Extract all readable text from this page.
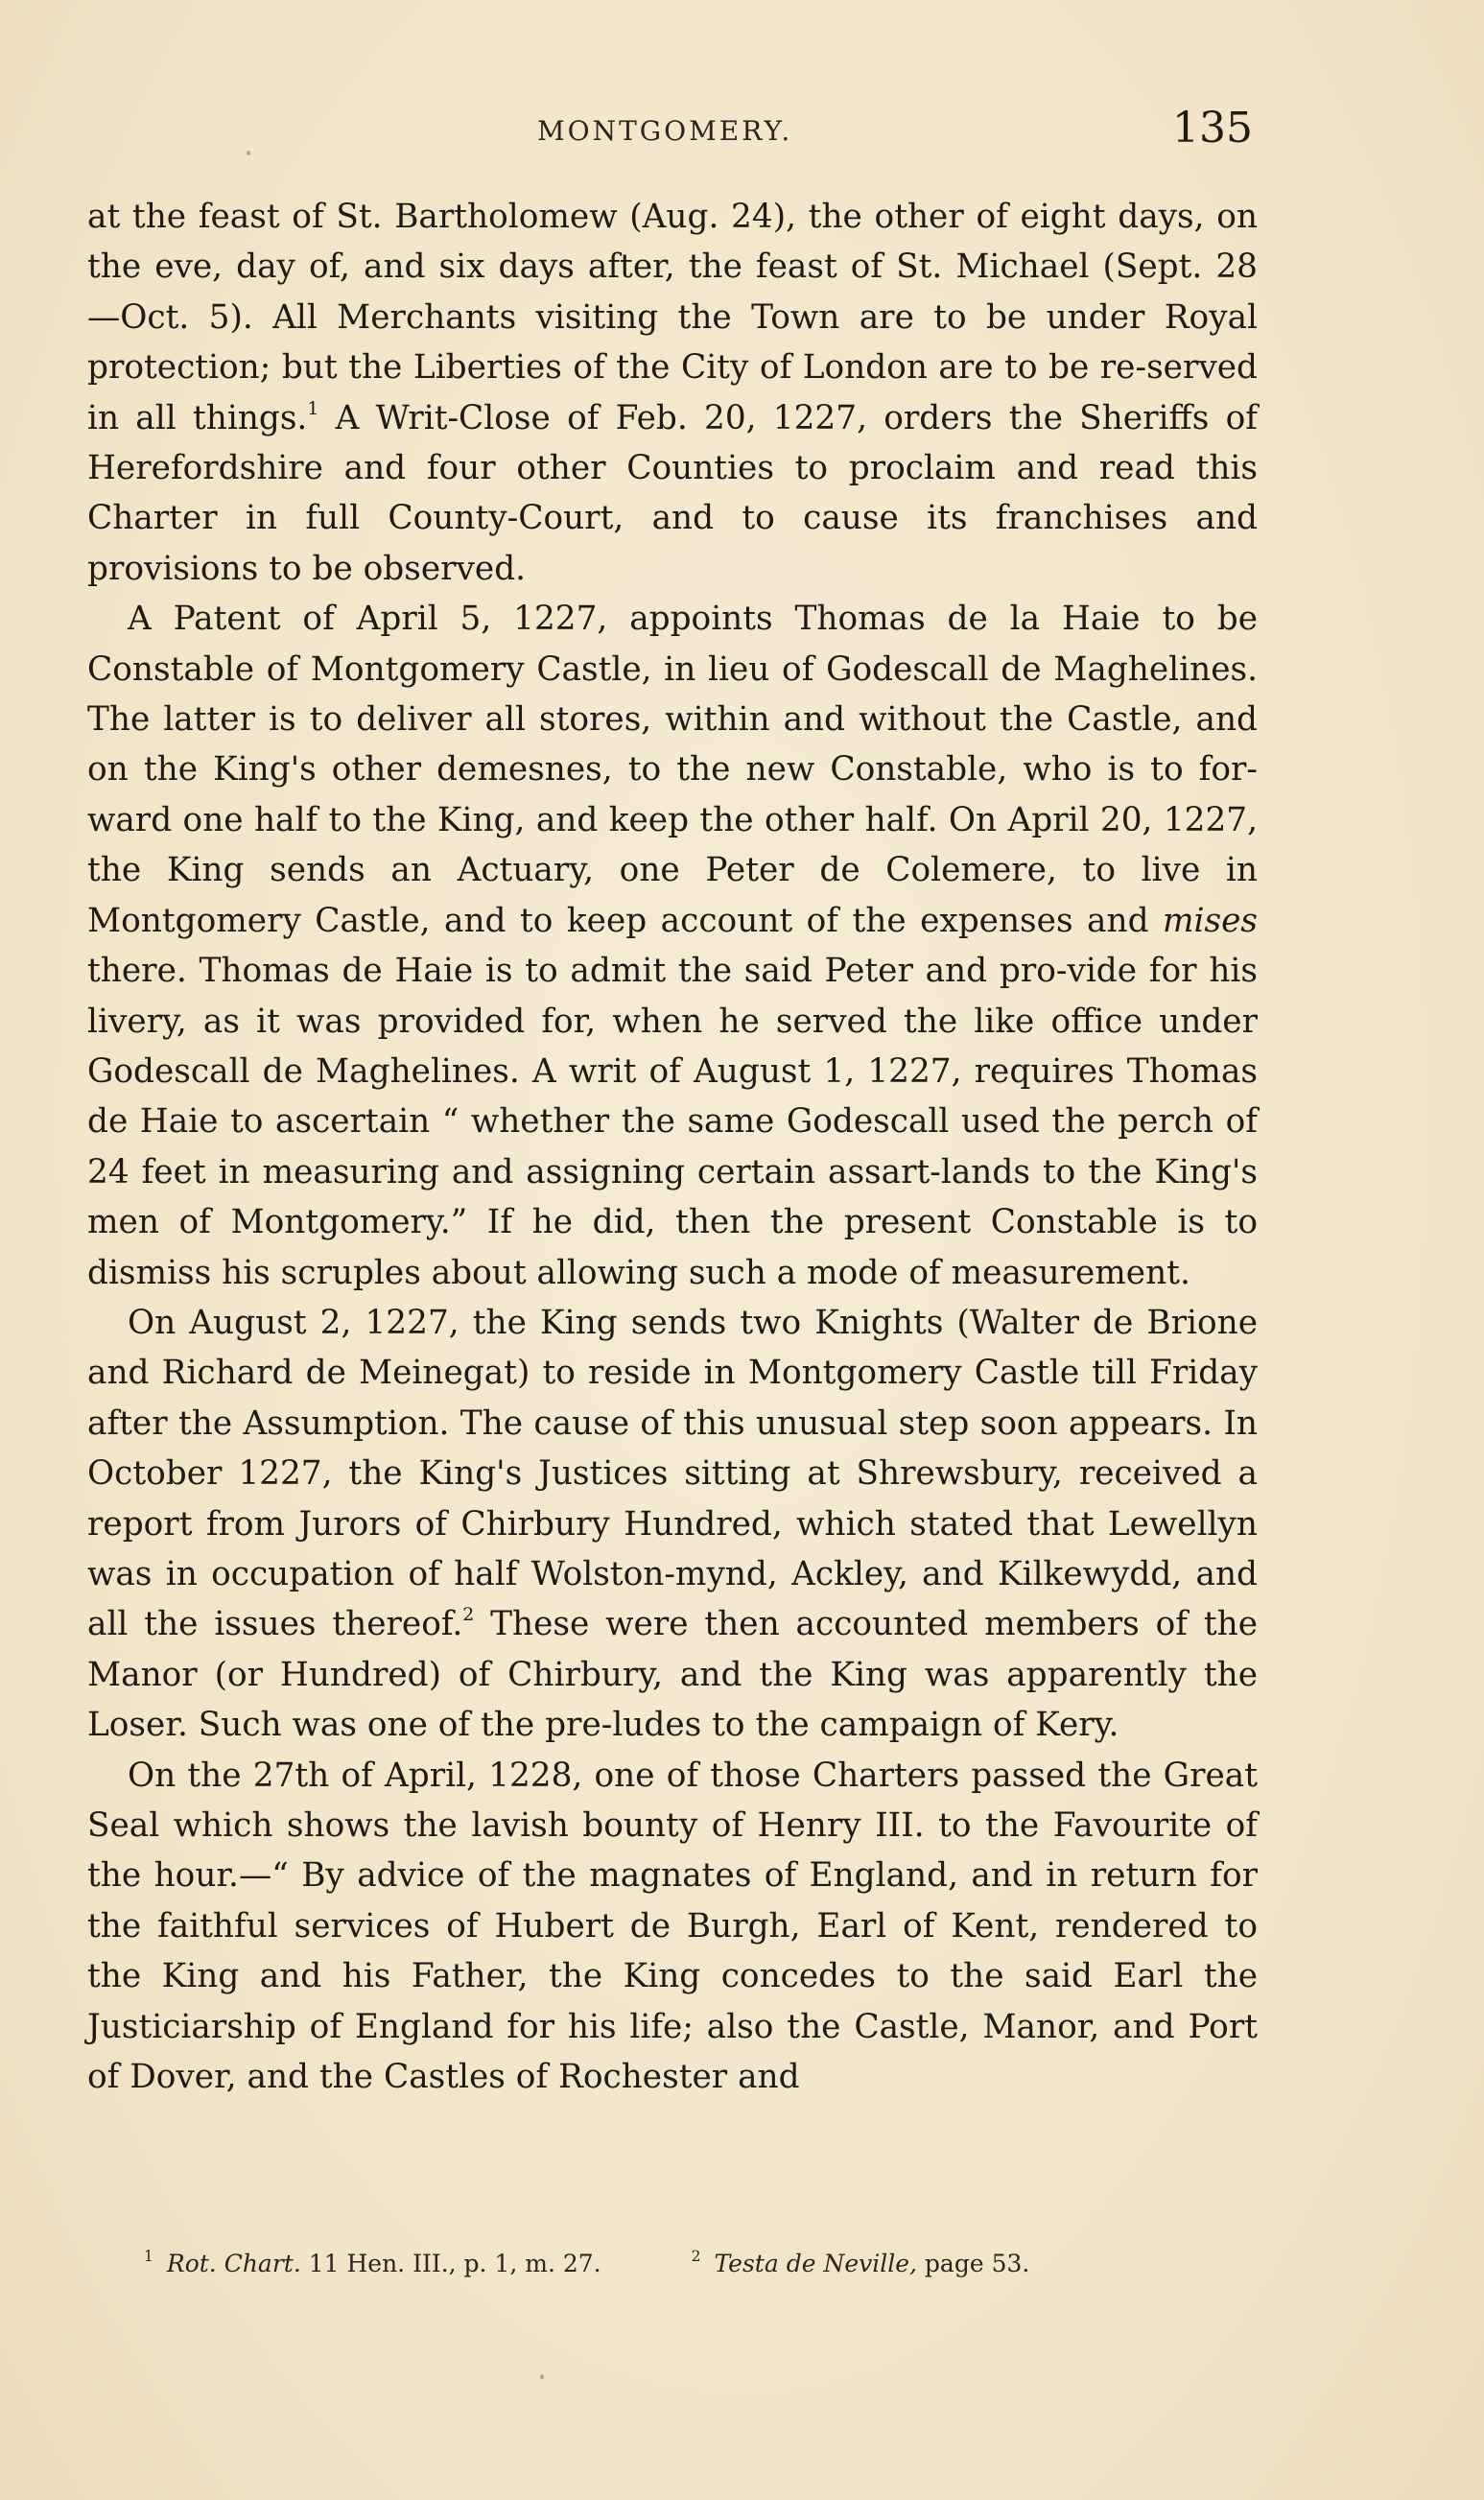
MONTGOMERY.	135

at the feast of St. Bartholomew (Aug. 24), the other of eight days, on the eve, day of, and six days after, the feast of St. Michael (Sept. 28 —Oct. 5). All Merchants visiting the Town are to be under Royal protection; but the Liberties of the City of London are to be re-served in all things.$^1$ A Writ-Close of Feb. 20, 1227, orders the Sheriffs of Herefordshire and four other Counties to proclaim and read this Charter in full County-Court, and to cause its franchises and provisions to be observed.

A Patent of April 5, 1227, appoints Thomas de la Haie to be Constable of Montgomery Castle, in lieu of Godescall de Maghelines. The latter is to deliver all stores, within and without the Castle, and on the King's other demesnes, to the new Constable, who is to for-ward one half to the King, and keep the other half. On April 20, 1227, the King sends an Actuary, one Peter de Colemere, to live in Montgomery Castle, and to keep account of the expenses and mises there. Thomas de Haie is to admit the said Peter and pro-vide for his livery, as it was provided for, when he served the like office under Godescall de Maghelines. A writ of August 1, 1227, requires Thomas de Haie to ascertain “ whether the same Godescall used the perch of 24 feet in measuring and assigning certain assart-lands to the King's men of Montgomery.” If he did, then the present Constable is to dismiss his scruples about allowing such a mode of measurement.

On August 2, 1227, the King sends two Knights (Walter de Brione and Richard de Meinegat) to reside in Montgomery Castle till Friday after the Assumption. The cause of this unusual step soon appears. In October 1227, the King's Justices sitting at Shrewsbury, received a report from Jurors of Chirbury Hundred, which stated that Lewellyn was in occupation of half Wolston-mynd, Ackley, and Kilkewydd, and all the issues thereof.$^2$ These were then accounted members of the Manor (or Hundred) of Chirbury, and the King was apparently the Loser. Such was one of the pre-ludes to the campaign of Kery.

On the 27th of April, 1228, one of those Charters passed the Great Seal which shows the lavish bounty of Henry III. to the Favourite of the hour.—“ By advice of the magnates of England, and in return for the faithful services of Hubert de Burgh, Earl of Kent, rendered to the King and his Father, the King concedes to the said Earl the Justiciarship of England for his life; also the Castle, Manor, and Port of Dover, and the Castles of Rochester and

$^1$ Rot. Chart. 11 Hen. III., p. 1, m. 27.	$^2$ Testa de Neville, page 53.
